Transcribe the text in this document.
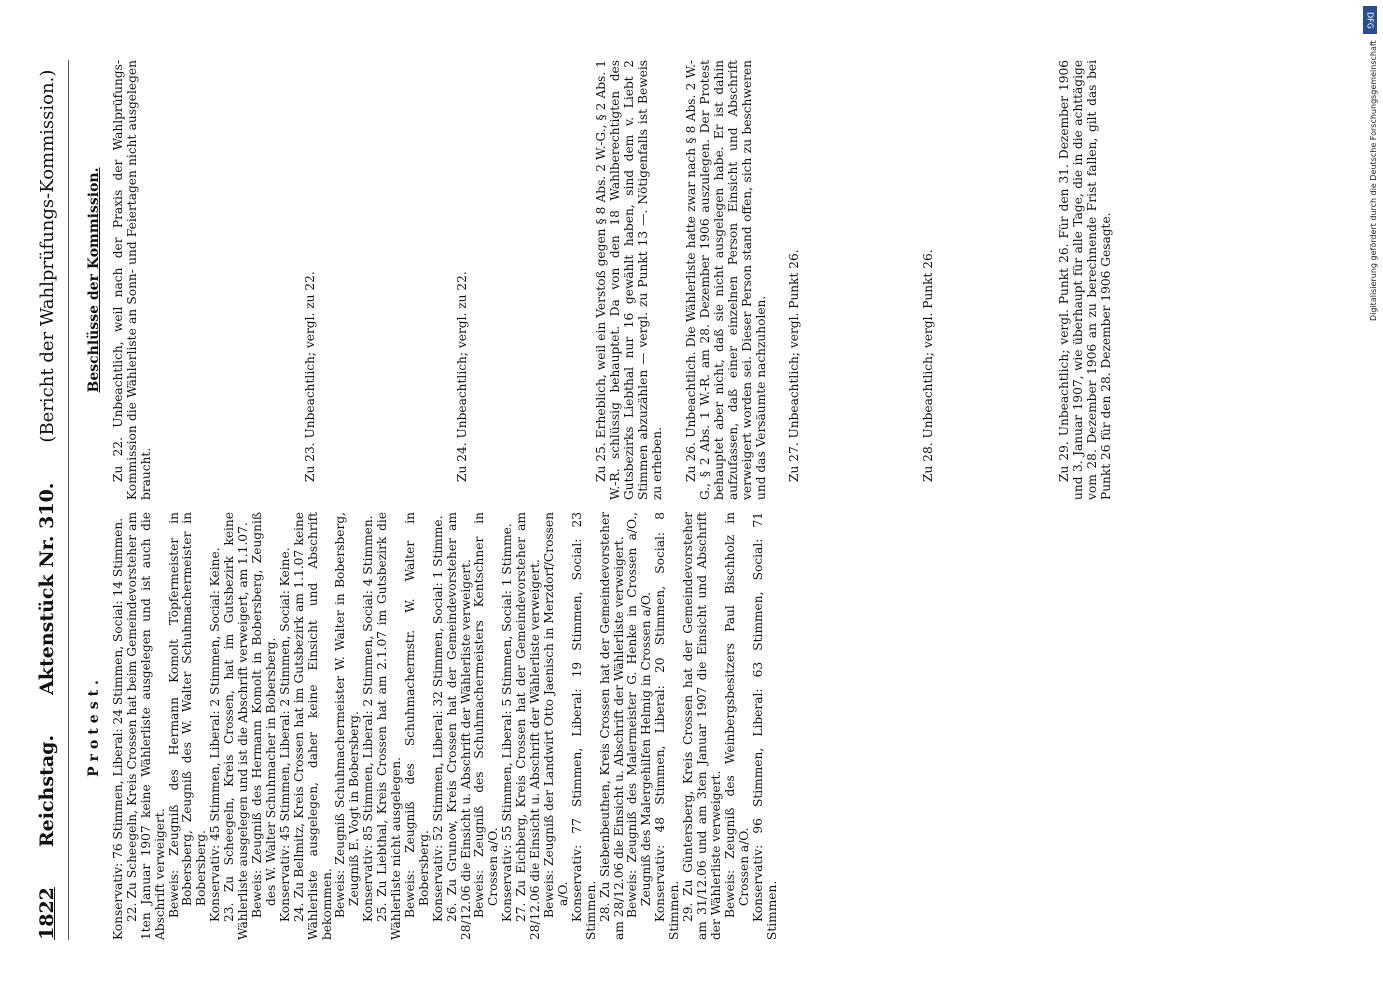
1822
Reichstag.
Aktenstück Nr. 310.
(Bericht der Wahlprüfungs-Kommission.)
Protest. Konservativ: 76 Stimmen, Liberal: 24 Stimmen, Social: 14 Stimmen. 22. Zu Scheegeln, Kreis Crossen hat beim Gemeindevorsteher am 1ten Januar 1907 keine Wählerliste ausgelegen und ist auch die Abschrift verweigert. Beweis: Zeugniß des Hermann Komolt Töpfermeister in Bobersberg, Zeugniß des W. Walter Schuhmachermeister in Bobersberg. Konservativ: 45 Stimmen, Liberal: 2 Stimmen, Social: Keine. 23. Zu Scheegeln, Kreis Crossen, hat im Gutsbezirk keine Wählerliste ausgelegen und ist die Abschrift verweigert, am 1.1.07. Beweis: Zeugniß des Hermann Komolt in Bobersberg, Zeugniß des W. Walter Schuhmacher in Bobersberg. Konservativ: 45 Stimmen, Liberal: 2 Stimmen, Social: Keine. 24. Zu Bellmitz, Kreis Crossen hat im Gutsbezirk am 1.1.07 keine Wählerliste ausgelegen, daher keine Einsicht und Abschrift bekommen. Beweis: Zeugniß Schuhmachermeister W. Walter in Bobersberg, Zeugniß E. Vogt in Bobersberg. Konservativ: 85 Stimmen, Liberal: 2 Stimmen, Social: 4 Stimmen. 25. Zu Liebthal, Kreis Crossen hat am 2.1.07 im Gutsbezirk die Wählerliste nicht ausgelegen. Beweis: Zeugniß des Schuhmachermstr. W. Walter in Bobersberg. Konservativ: 52 Stimmen, Liberal: 32 Stimmen, Social: 1 Stimme. 26. Zu Grunow, Kreis Crossen hat der Gemeindevorsteher am 28/12.06 die Einsicht u. Abschrift der Wählerliste verweigert. Beweis: Zeugniß des Schuhmachermeisters Kentschner in Crossen a/O. Konservativ: 55 Stimmen, Liberal: 5 Stimmen, Social: 1 Stimme. 27. Zu Eichberg, Kreis Crossen hat der Gemeindevorsteher am 28/12.06 die Einsicht u. Abschrift der Wählerliste verweigert. Beweis: Zeugniß der Landwirt Otto Jaenisch in Merzdorf/Crossen a/O. Konservativ: 77 Stimmen, Liberal: 19 Stimmen, Social: 23 Stimmen. 28. Zu Siebenbeuthen, Kreis Crossen hat der Gemeindevorsteher am 28/12.06 die Einsicht u. Abschrift der Wählerliste verweigert. Beweis: Zeugniß des Malermeister G. Henke in Crossen a/O., Zeugniß des Malergehilfen Helmig in Crossen a/O. Konservativ: 48 Stimmen, Liberal: 20 Stimmen, Social: 8 Stimmen. 29. Zu Güntersberg, Kreis Crossen hat der Gemeindevorsteher am 31/12.06 und am 3ten Januar 1907 die Einsicht und Abschrift der Wählerliste verweigert. Beweis: Zeugniß des Weinbergsbesitzers Paul Bischholz in Crossen a/O. Konservativ: 96 Stimmen, Liberal: 63 Stimmen, Social: 71 Stimmen.

Beschlüsse der Kommission. Zu 22. Unbeachtlich, weil nach der Praxis der Wahlprüfungs-Kommission die Wählerliste an Sonn- und Feiertagen nicht ausgelegen braucht.	Zu 23. Unbeachtlich; vergl. zu 22.	Zu 24. Unbeachtlich; vergl. zu 22.	Zu 25. Erheblich, weil ein Verstoß gegen § 8 Abs. 2 W.-G., § 2 Abs. 1 W.-R. schlüssig behauptet. Da von den 18 Wahlberechtigten des Gutsbezirks Liebthal nur 16 gewählt haben, sind dem v. Liebt 2 Stimmen abzuzählen — vergl. zu Punkt 13 —. Nötigenfalls ist Beweis zu erheben. Zu 26. Unbeachtlich. Die Wählerliste hatte zwar nach § 8 Abs. 2 W.-G., § 2 Abs. 1 W.-R. am 28. Dezember 1906 auszulegen. Der Protest behauptet aber nicht, daß sie nicht ausgelegen habe. Er ist dahin aufzufassen, daß einer einzelnen Person Einsicht und Abschrift verweigert worden sei. Dieser Person stand offen, sich zu beschweren und das Versäumte nachzuholen. Zu 27. Unbeachtlich; vergl. Punkt 26.	Zu 28. Unbeachtlich; vergl. Punkt 26.	Zu 29. Unbeachtlich; vergl. Punkt 26. Für den 31. Dezember 1906 und 3. Januar 1907, wie überhaupt für alle Tage, die in die achttägige vom 28. Dezember 1906 an zu berechnende Frist fallen, gilt das bei Punkt 26 für den 28. Dezember 1906 Gesagte.

DFG
Digitalisierung gefördert durch die Deutsche Forschungsgemeinschaft
